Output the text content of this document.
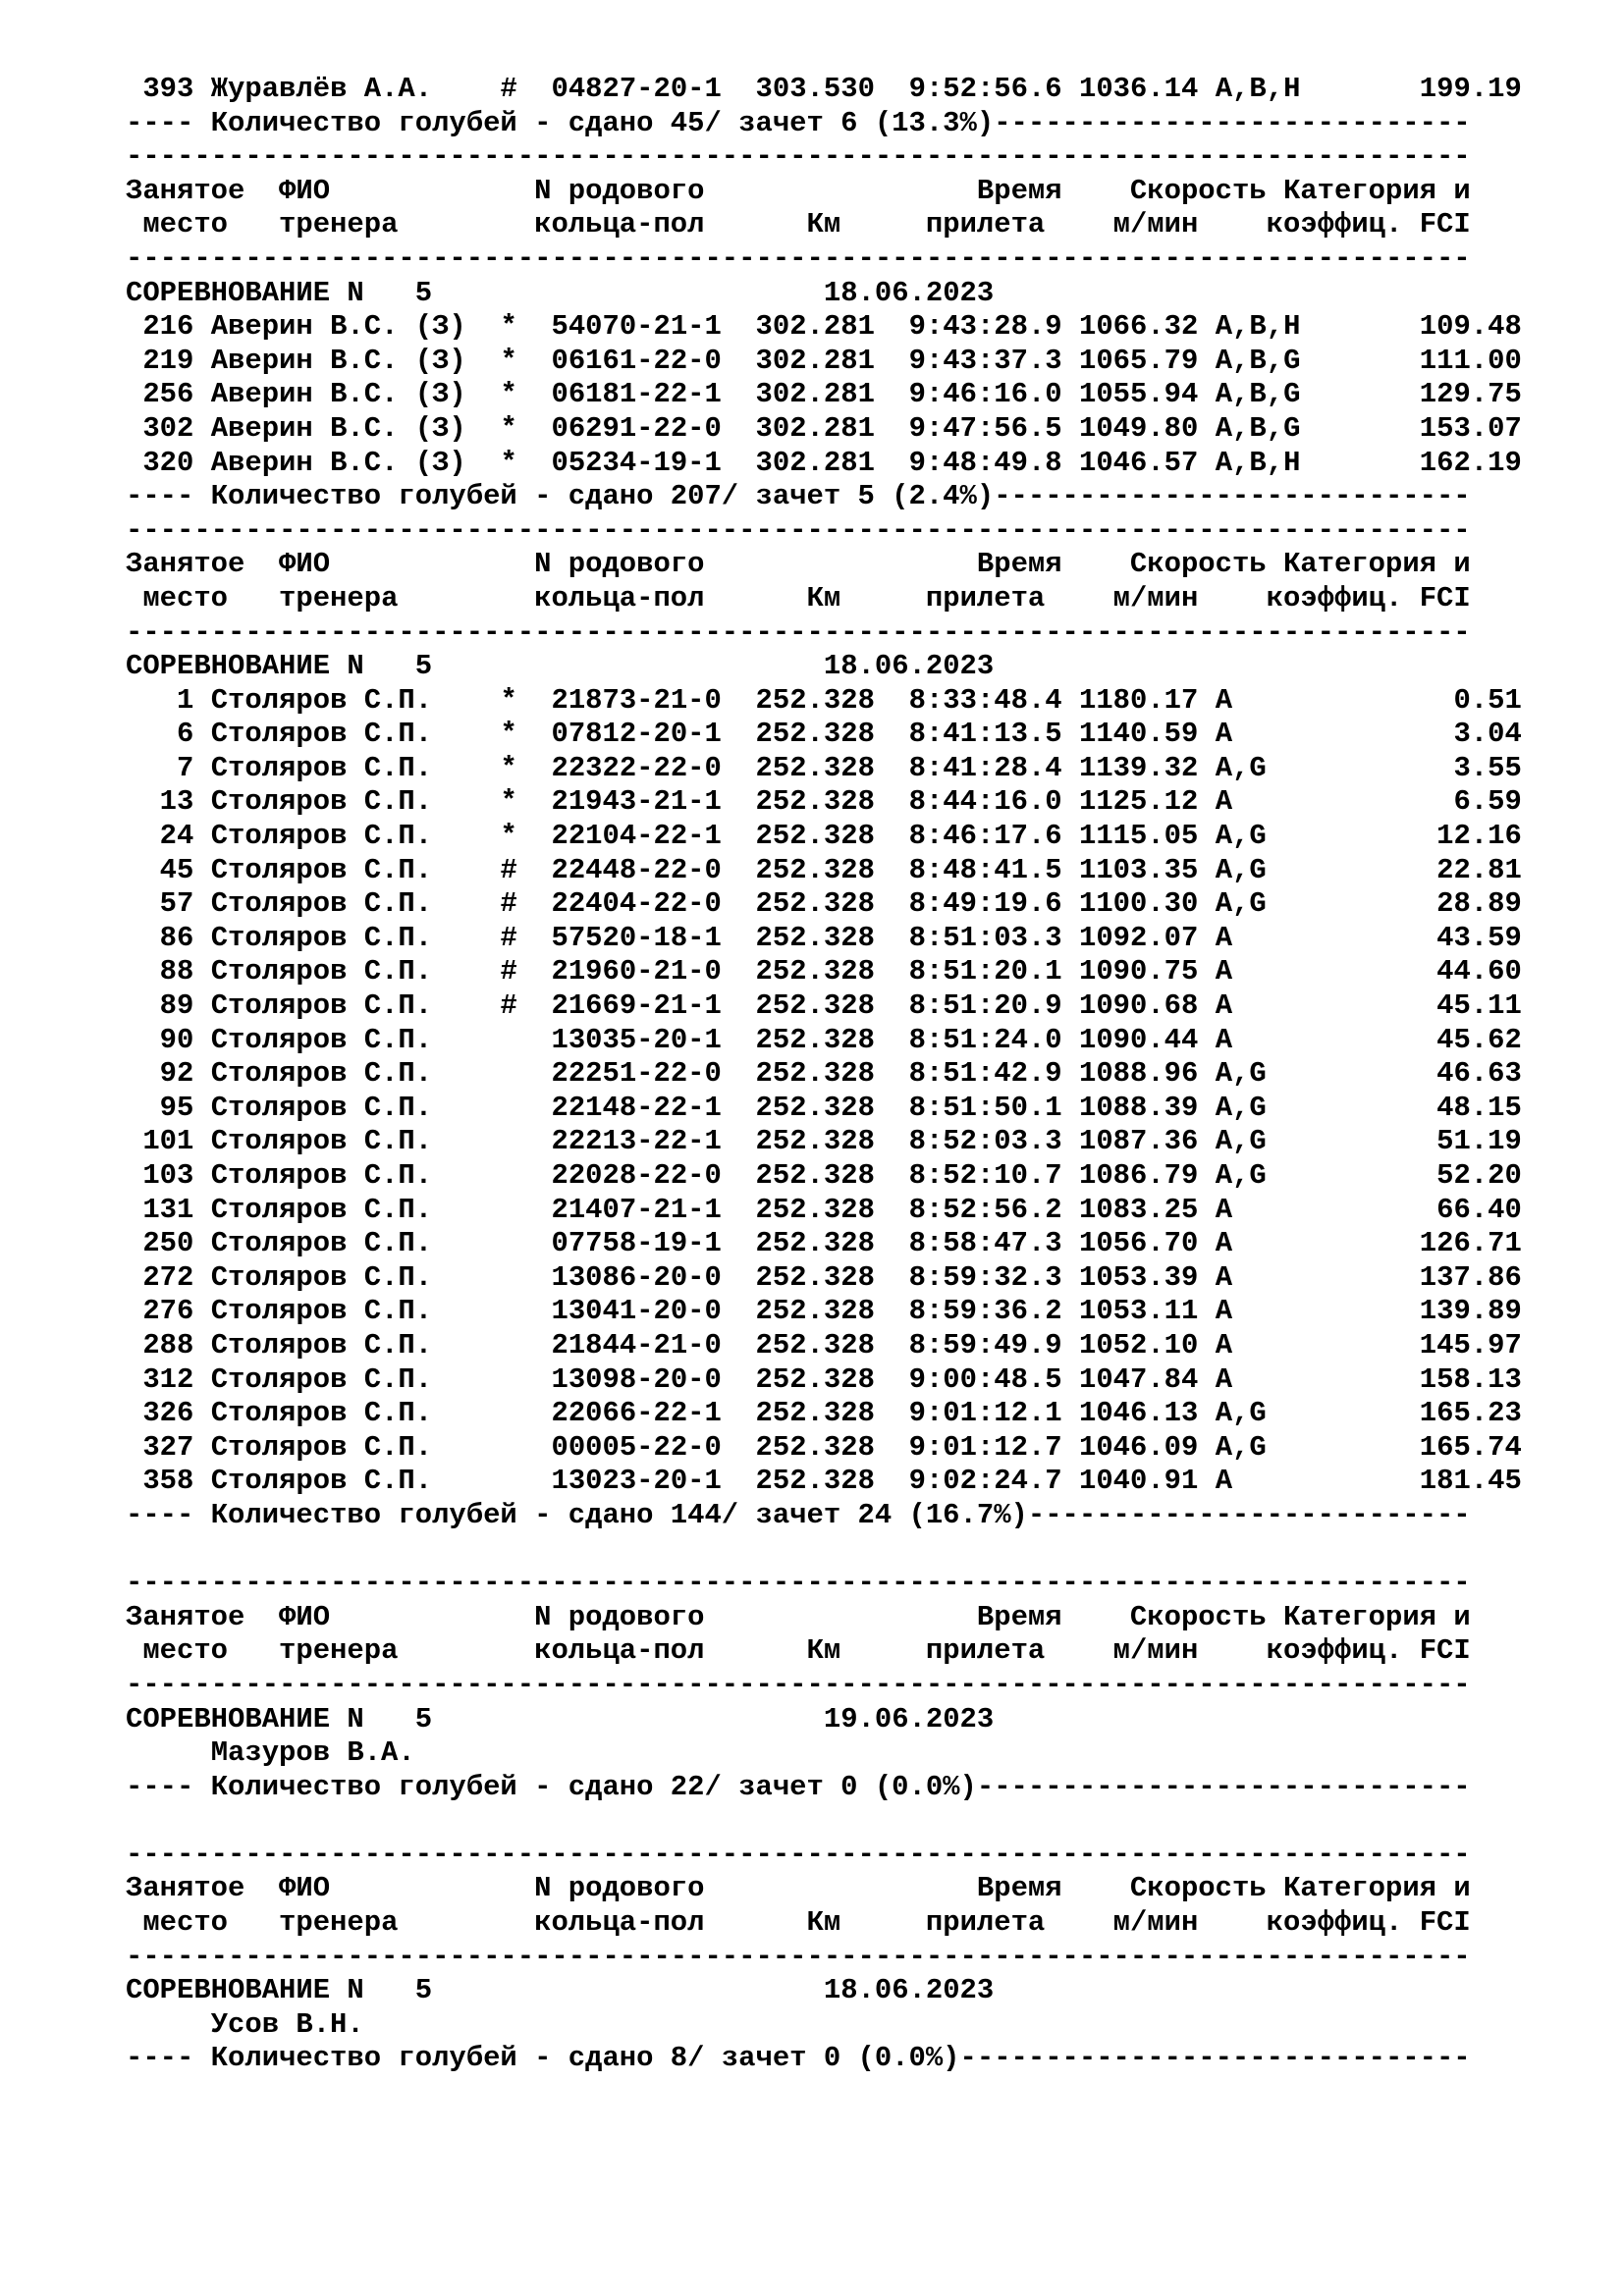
393 Журавлёв А.А.    # 04827-20-1 303.530 9:52:56.6 1036.14 A,B,H       199.19
---- Количество голубей - сдано 45/ зачет 6 (13.3%)----------------------------
-------------------------------------------------------------------------------
Занятое  ФИО            N родового                Время    Скорость Категория и
место   тренера        кольца-пол      Км     прилета    м/мин    коэффиц. FCI
-------------------------------------------------------------------------------
СОРЕВНОВАНИЕ N 5	18.06.2023
216 Аверин В.С. (З)  * 54070-21-1 302.281 9:43:28.9 1066.32 A,B,H       109.48
219 Аверин В.С. (З)  * 06161-22-0 302.281 9:43:37.3 1065.79 A,B,G       111.00
256 Аверин В.С. (З)  * 06181-22-1 302.281 9:46:16.0 1055.94 A,B,G       129.75
302 Аверин В.С. (З)  * 06291-22-0 302.281 9:47:56.5 1049.80 A,B,G       153.07
320 Аверин В.С. (З)  * 05234-19-1 302.281 9:48:49.8 1046.57 A,B,H       162.19
---- Количество голубей - сдано 207/ зачет 5 (2.4%)----------------------------
-------------------------------------------------------------------------------
Занятое  ФИО            N родового                Время    Скорость Категория и
место   тренера        кольца-пол      Км     прилета    м/мин    коэффиц. FCI
-------------------------------------------------------------------------------
СОРЕВНОВАНИЕ N 5	18.06.2023
1 Столяров С.П.    * 21873-21-0 252.328 8:33:48.4 1180.17 A             0.51
6 Столяров С.П.    * 07812-20-1 252.328 8:41:13.5 1140.59 A             3.04
7 Столяров С.П.    * 22322-22-0 252.328 8:41:28.4 1139.32 A,G           3.55
13 Столяров С.П.    * 21943-21-1 252.328 8:44:16.0 1125.12 A             6.59
24 Столяров С.П.    * 22104-22-1 252.328 8:46:17.6 1115.05 A,G          12.16
45 Столяров С.П.    # 22448-22-0 252.328 8:48:41.5 1103.35 A,G          22.81
57 Столяров С.П.    # 22404-22-0 252.328 8:49:19.6 1100.30 A,G          28.89
86 Столяров С.П.    # 57520-18-1 252.328 8:51:03.3 1092.07 A            43.59
88 Столяров С.П.    # 21960-21-0 252.328 8:51:20.1 1090.75 A            44.60
89 Столяров С.П.    # 21669-21-1 252.328 8:51:20.9 1090.68 A            45.11
90 Столяров С.П.       13035-20-1 252.328 8:51:24.0 1090.44 A            45.62
92 Столяров С.П.       22251-22-0 252.328 8:51:42.9 1088.96 A,G          46.63
95 Столяров С.П.       22148-22-1 252.328 8:51:50.1 1088.39 A,G          48.15
101 Столяров С.П.       22213-22-1 252.328 8:52:03.3 1087.36 A,G          51.19
103 Столяров С.П.       22028-22-0 252.328 8:52:10.7 1086.79 A,G          52.20
131 Столяров С.П.       21407-21-1 252.328 8:52:56.2 1083.25 A            66.40
250 Столяров С.П.       07758-19-1 252.328 8:58:47.3 1056.70 A           126.71
272 Столяров С.П.       13086-20-0 252.328 8:59:32.3 1053.39 A           137.86
276 Столяров С.П.       13041-20-0 252.328 8:59:36.2 1053.11 A           139.89
288 Столяров С.П.       21844-21-0 252.328 8:59:49.9 1052.10 A           145.97
312 Столяров С.П.       13098-20-0 252.328 9:00:48.5 1047.84 A           158.13
326 Столяров С.П.       22066-22-1 252.328 9:01:12.1 1046.13 A,G         165.23
327 Столяров С.П.       00005-22-0 252.328 9:01:12.7 1046.09 A,G         165.74
358 Столяров С.П.       13023-20-1 252.328 9:02:24.7 1040.91 A           181.45
---- Количество голубей - сдано 144/ зачет 24 (16.7%)--------------------------
-------------------------------------------------------------------------------
Занятое  ФИО            N родового                Время    Скорость Категория и
место   тренера        кольца-пол      Км     прилета    м/мин    коэффиц. FCI
-------------------------------------------------------------------------------
СОРЕВНОВАНИЕ N 5	19.06.2023
Мазуров В.А.
---- Количество голубей - сдано 22/ зачет 0 (0.0%)-----------------------------
-------------------------------------------------------------------------------
Занятое  ФИО            N родового                Время    Скорость Категория и
место   тренера        кольца-пол      Км     прилета    м/мин    коэффиц. FCI
-------------------------------------------------------------------------------
СОРЕВНОВАНИЕ N 5	18.06.2023
Усов В.Н.
---- Количество голубей - сдано 8/ зачет 0 (0.0%)------------------------------
